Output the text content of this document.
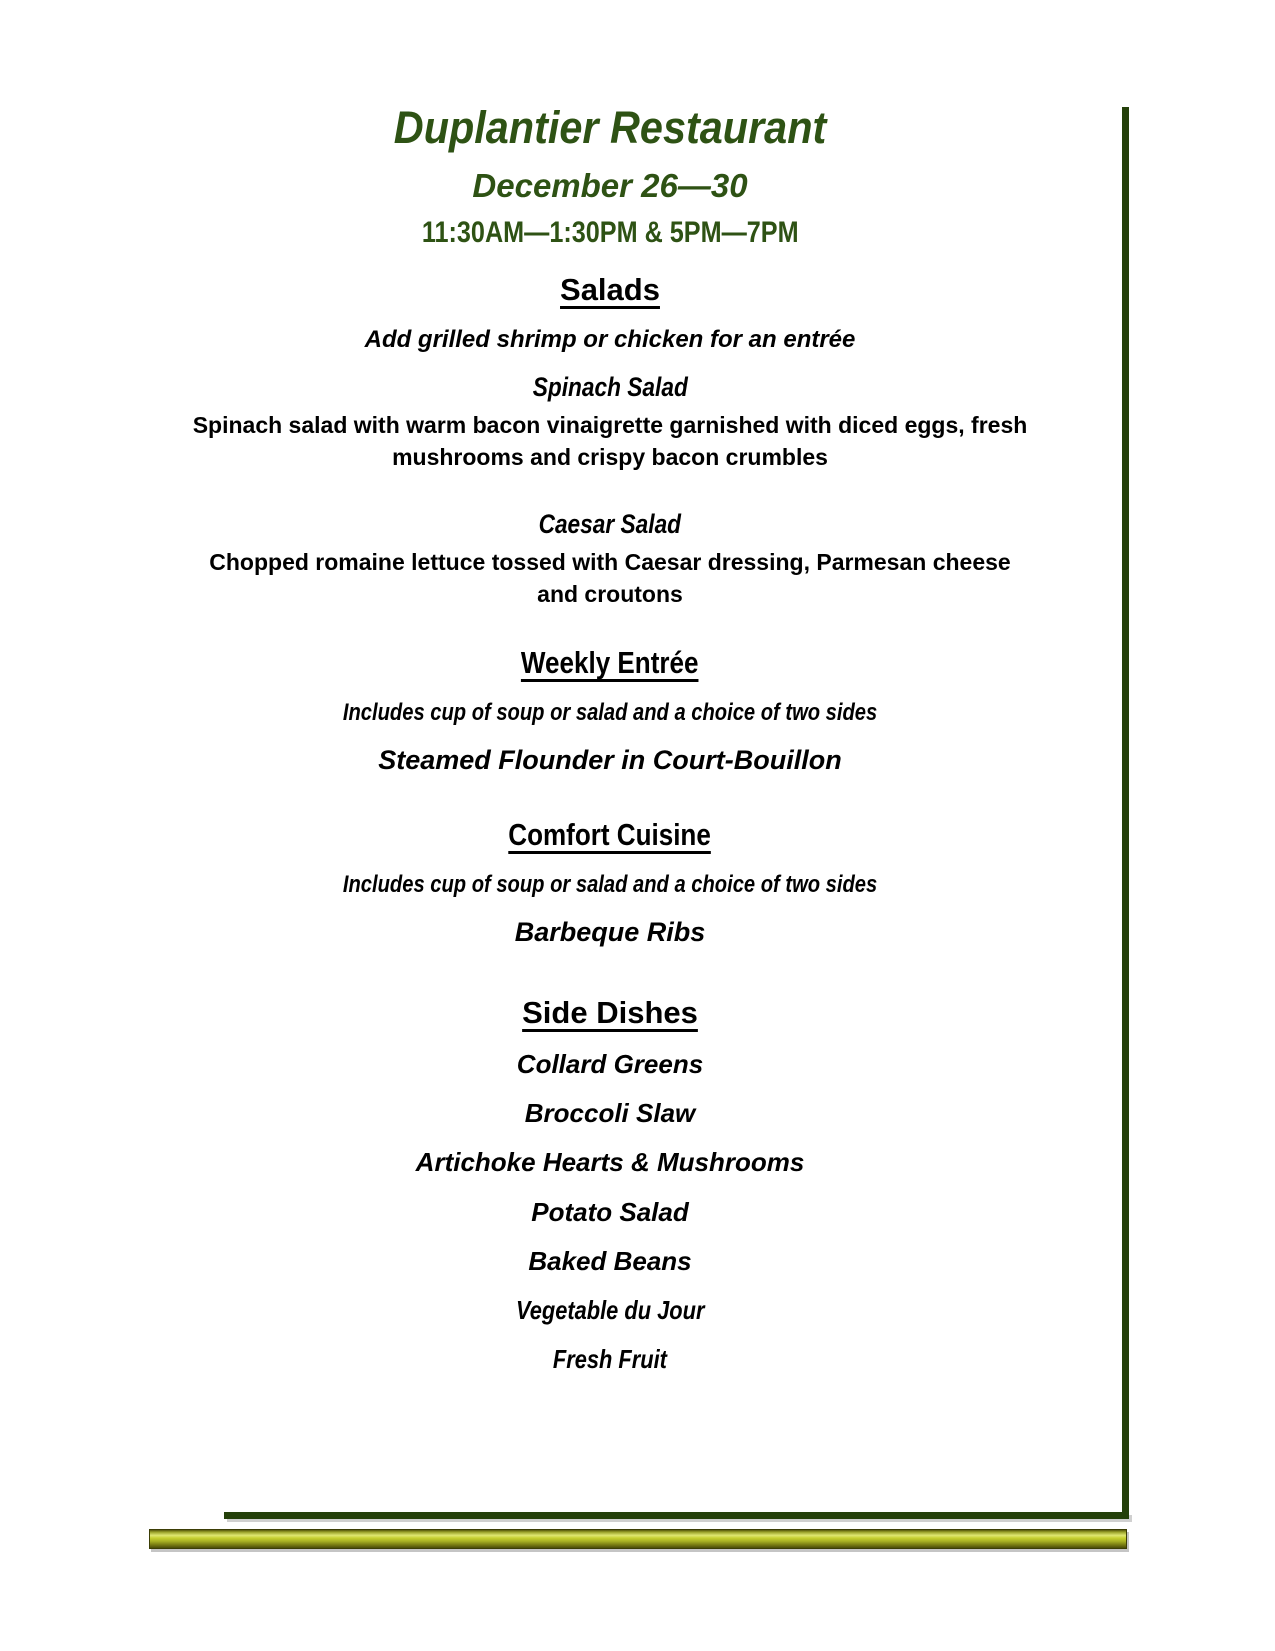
Duplantier Restaurant
December 26—30
11:30AM—1:30PM & 5PM—7PM
Salads

Add grilled shrimp or chicken for an entrée

Spinach Salad

Spinach salad with warm bacon vinaigrette garnished with diced eggs, fresh mushrooms and crispy bacon crumbles

Caesar Salad

Chopped romaine lettuce tossed with Caesar dressing, Parmesan cheese and croutons

Weekly Entrée

Includes cup of soup or salad and a choice of two sides

Steamed Flounder in Court-Bouillon
Comfort Cuisine

Includes cup of soup or salad and a choice of two sides

Barbeque Ribs
Side Dishes

Collard Greens

Broccoli Slaw

Artichoke Hearts & Mushrooms

Potato Salad

Baked Beans

Vegetable du Jour

Fresh Fruit
